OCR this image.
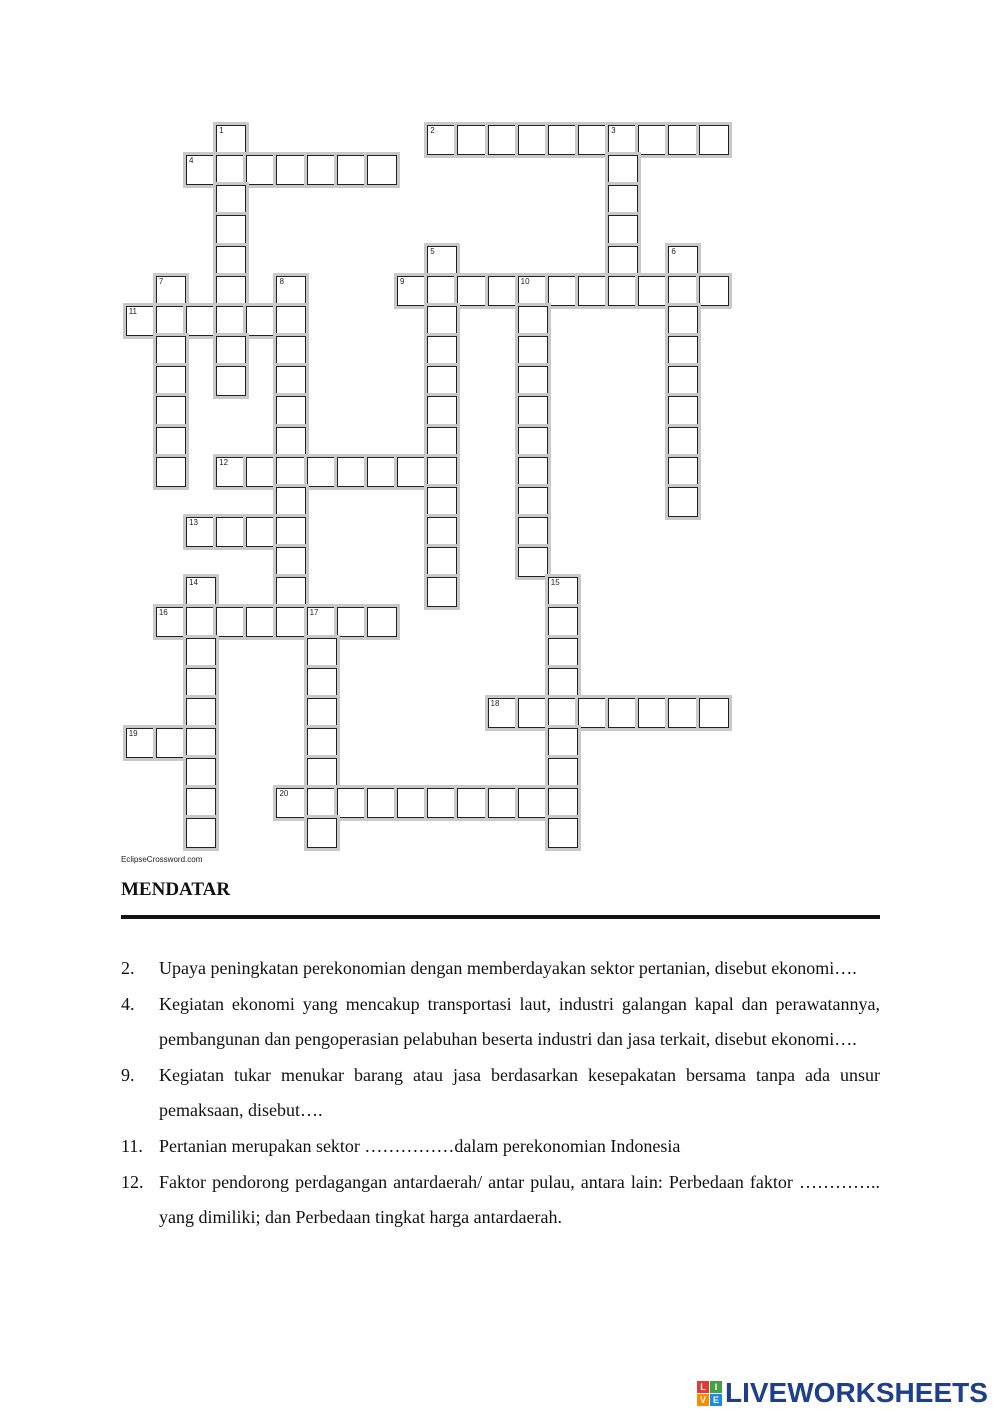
1	2	3
4
5	6
7	8	9	10
11
12
13
14	15
16	17
18
19
20
EclipseCrossword.com
MENDATAR
2.	Upaya peningkatan perekonomian dengan memberdayakan sektor pertanian, disebut ekonomi….
4.	Kegiatan ekonomi yang mencakup transportasi laut, industri galangan kapal dan perawatannya, pembangunan dan pengoperasian pelabuhan beserta industri dan jasa terkait, disebut ekonomi….
9.	Kegiatan tukar menukar barang atau jasa berdasarkan kesepakatan bersama tanpa ada unsur pemaksaan, disebut….
11. Pertanian merupakan sektor ……………dalam perekonomian Indonesia
12. Faktor pendorong perdagangan antardaerah/ antar pulau, antara lain: Perbedaan faktor ………….. yang dimiliki; dan Perbedaan tingkat harga antardaerah.
L I
V E LIVEWORKSHEETS
